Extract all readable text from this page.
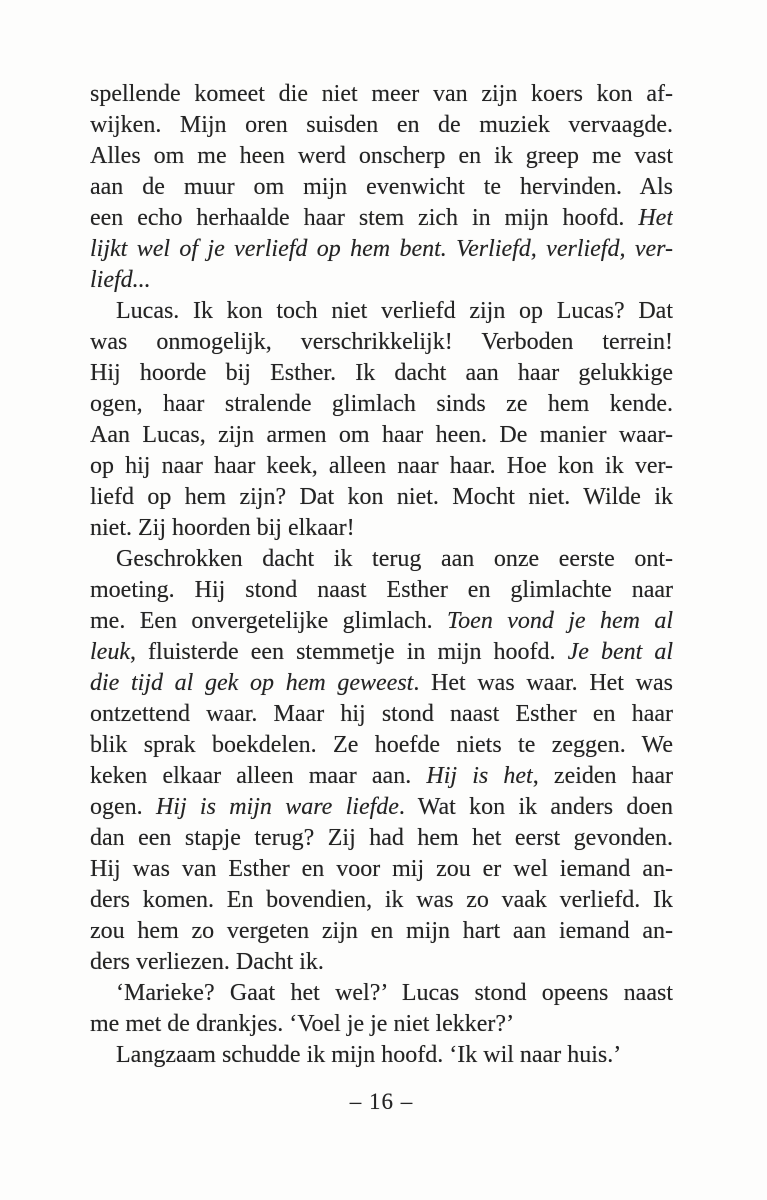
spellende komeet die niet meer van zijn koers kon af-
wijken. Mijn oren suisden en de muziek vervaagde.
Alles om me heen werd onscherp en ik greep me vast
aan de muur om mijn evenwicht te hervinden. Als
een echo herhaalde haar stem zich in mijn hoofd. Het
lijkt wel of je verliefd op hem bent. Verliefd, verliefd, ver-
liefd...
Lucas. Ik kon toch niet verliefd zijn op Lucas? Dat
was onmogelijk, verschrikkelijk! Verboden terrein!
Hij hoorde bij Esther. Ik dacht aan haar gelukkige
ogen, haar stralende glimlach sinds ze hem kende.
Aan Lucas, zijn armen om haar heen. De manier waar-
op hij naar haar keek, alleen naar haar. Hoe kon ik ver-
liefd op hem zijn? Dat kon niet. Mocht niet. Wilde ik
niet. Zij hoorden bij elkaar!
Geschrokken dacht ik terug aan onze eerste ont-
moeting. Hij stond naast Esther en glimlachte naar
me. Een onvergetelijke glimlach. Toen vond je hem al
leuk, fluisterde een stemmetje in mijn hoofd. Je bent al
die tijd al gek op hem geweest. Het was waar. Het was
ontzettend waar. Maar hij stond naast Esther en haar
blik sprak boekdelen. Ze hoefde niets te zeggen. We
keken elkaar alleen maar aan. Hij is het, zeiden haar
ogen. Hij is mijn ware liefde. Wat kon ik anders doen
dan een stapje terug? Zij had hem het eerst gevonden.
Hij was van Esther en voor mij zou er wel iemand an-
ders komen. En bovendien, ik was zo vaak verliefd. Ik
zou hem zo vergeten zijn en mijn hart aan iemand an-
ders verliezen. Dacht ik.
‘Marieke? Gaat het wel?’ Lucas stond opeens naast
me met de drankjes. ‘Voel je je niet lekker?’
Langzaam schudde ik mijn hoofd. ‘Ik wil naar huis.’
– 16 –
